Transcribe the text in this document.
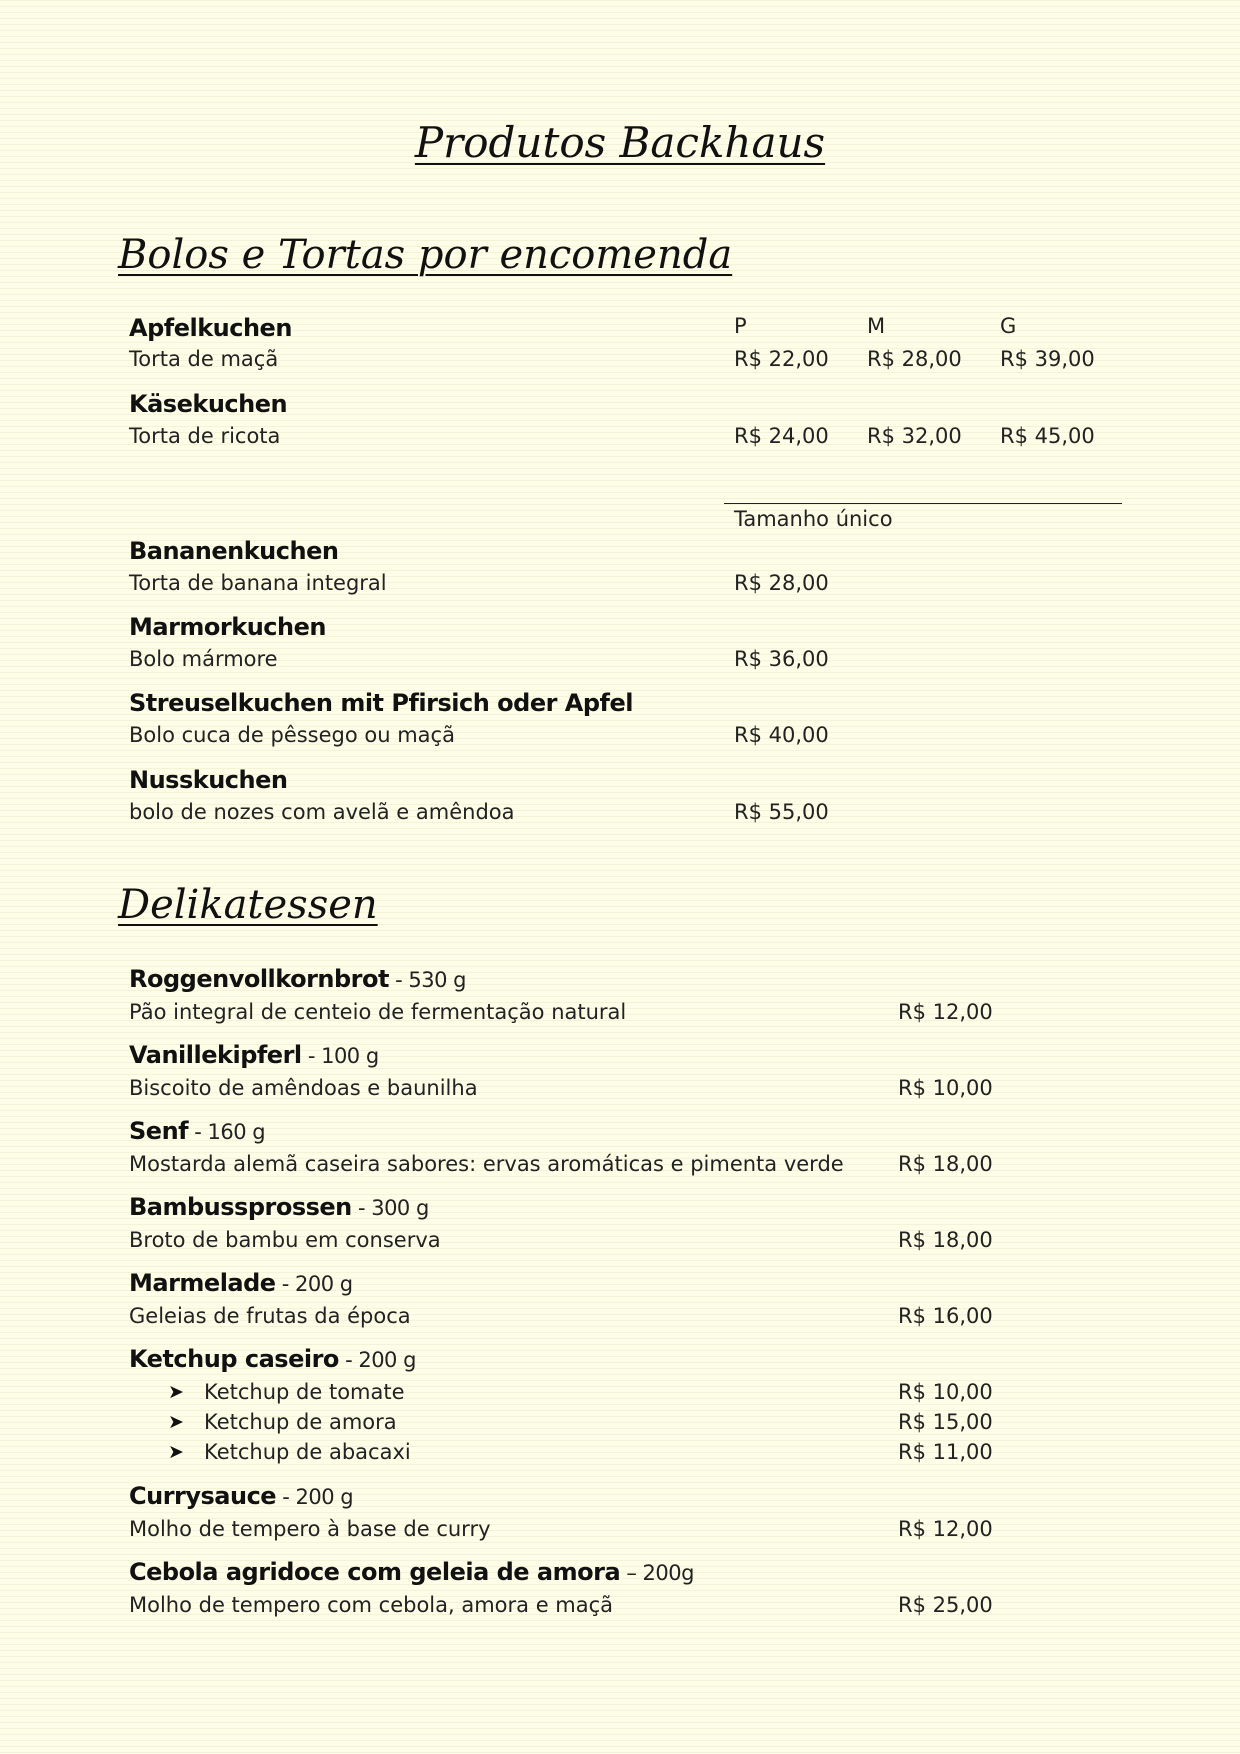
Produtos Backhaus
Bolos e Tortas por encomenda
P	M	G
Apfelkuchen
Torta de maçã	R$ 22,00 R$ 28,00 R$ 39,00
Käsekuchen
Torta de ricota	R$ 24,00 R$ 32,00 R$ 45,00
Tamanho único
Bananenkuchen
Torta de banana integral	R$ 28,00
Marmorkuchen
Bolo mármore	R$ 36,00
Streuselkuchen mit Pfirsich oder Apfel
Bolo cuca de pêssego ou maçã	R$ 40,00
Nusskuchen
bolo de nozes com avelã e amêndoa	R$ 55,00
Delikatessen
Roggenvollkornbrot - 530 g
Pão integral de centeio de fermentação natural	R$ 12,00
Vanillekipferl - 100 g
Biscoito de amêndoas e baunilha	R$ 10,00
Senf - 160 g
Mostarda alemã caseira sabores: ervas aromáticas e pimenta verde	R$ 18,00
Bambussprossen - 300 g
Broto de bambu em conserva	R$ 18,00
Marmelade - 200 g
Geleias de frutas da época	R$ 16,00
Ketchup caseiro - 200 g
➤ Ketchup de tomate	R$ 10,00
➤ Ketchup de amora	R$ 15,00
➤ Ketchup de abacaxi	R$ 11,00
Currysauce - 200 g
Molho de tempero à base de curry	R$ 12,00
Cebola agridoce com geleia de amora – 200g
Molho de tempero com cebola, amora e maçã	R$ 25,00
